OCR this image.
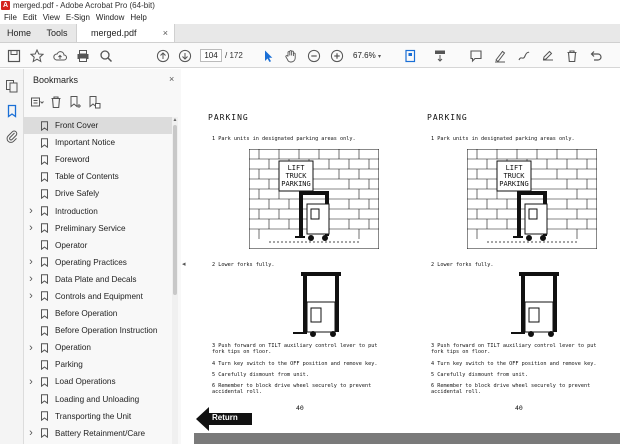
A merged.pdf - Adobe Acrobat Pro (64-bit)
File Edit View E-Sign Window Help
Home	Tools	merged.pdf	×
104 / 172	67.6% ▾
Bookmarks	×
Front Cover
Important Notice
Foreword
Table of Contents
Drive Safely
›	Introduction
›	Preliminary Service
Operator
›	Operating Practices
›	Data Plate and Decals
›	Controls and Equipment
Before Operation
Before Operation Instruction
›	Operation
Parking
›	Load Operations
Loading and Unloading
Transporting the Unit
›	Battery Retainment/Care
▲
◂
PARKING
1 Park units in designated parking areas only.
LIFT
TRUCK
PARKING
2 Lower forks fully.
3 Push forward on TILT auxiliary control lever to put
fork tips on floor.
4 Turn key switch to the OFF position and remove key.
5 Carefully dismount from unit.
6 Remember to block drive wheel securely to prevent
accidental roll.
40
PARKING
1 Park units in designated parking areas only.
LIFT
TRUCK
PARKING
2 Lower forks fully.
3 Push forward on TILT auxiliary control lever to put
fork tips on floor.
4 Turn key switch to the OFF position and remove key.
5 Carefully dismount from unit.
6 Remember to block drive wheel securely to prevent
accidental roll.
40
Return
